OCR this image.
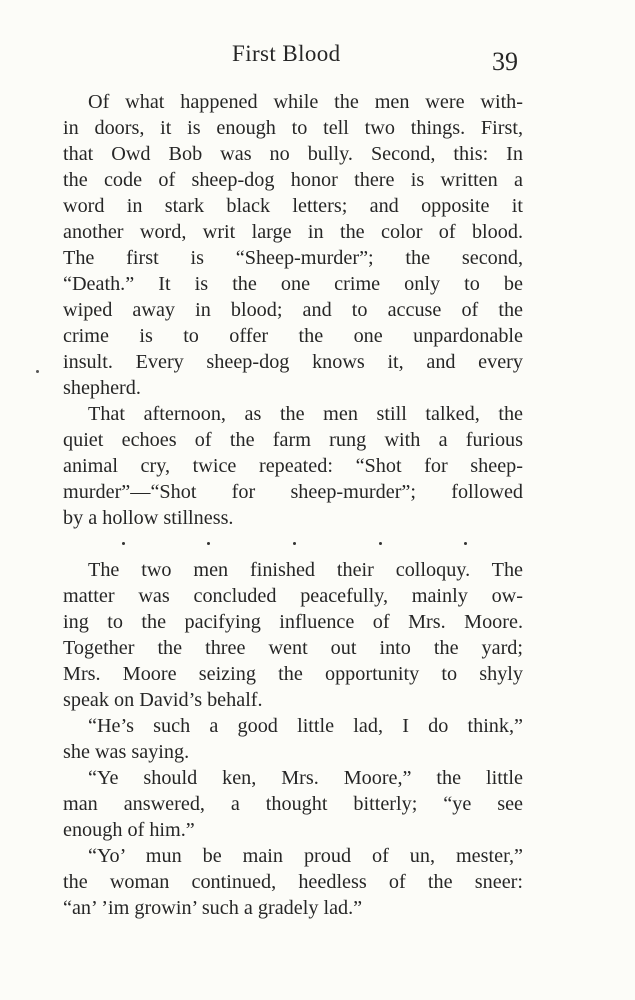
First Blood	39
Of what happened while the men were with-
in doors, it is enough to tell two things. First,
that Owd Bob was no bully. Second, this: In
the code of sheep-dog honor there is written a
word in stark black letters; and opposite it
another word, writ large in the color of blood.
The first is “Sheep-murder”; the second,
“Death.” It is the one crime only to be
wiped away in blood; and to accuse of the
crime is to offer the one unpardonable
insult. Every sheep-dog knows it, and every
shepherd.
That afternoon, as the men still talked, the
quiet echoes of the farm rung with a furious
animal cry, twice repeated: “Shot for sheep-
murder”—“Shot for sheep-murder”; followed
by a hollow stillness.
The two men finished their colloquy. The
matter was concluded peacefully, mainly ow-
ing to the pacifying influence of Mrs. Moore.
Together the three went out into the yard;
Mrs. Moore seizing the opportunity to shyly
speak on David’s behalf.
“He’s such a good little lad, I do think,”
she was saying.
“Ye should ken, Mrs. Moore,” the little
man answered, a thought bitterly; “ye see
enough of him.”
“Yo’ mun be main proud of un, mester,”
the woman continued, heedless of the sneer:
“an’ ’im growin’ such a gradely lad.”
